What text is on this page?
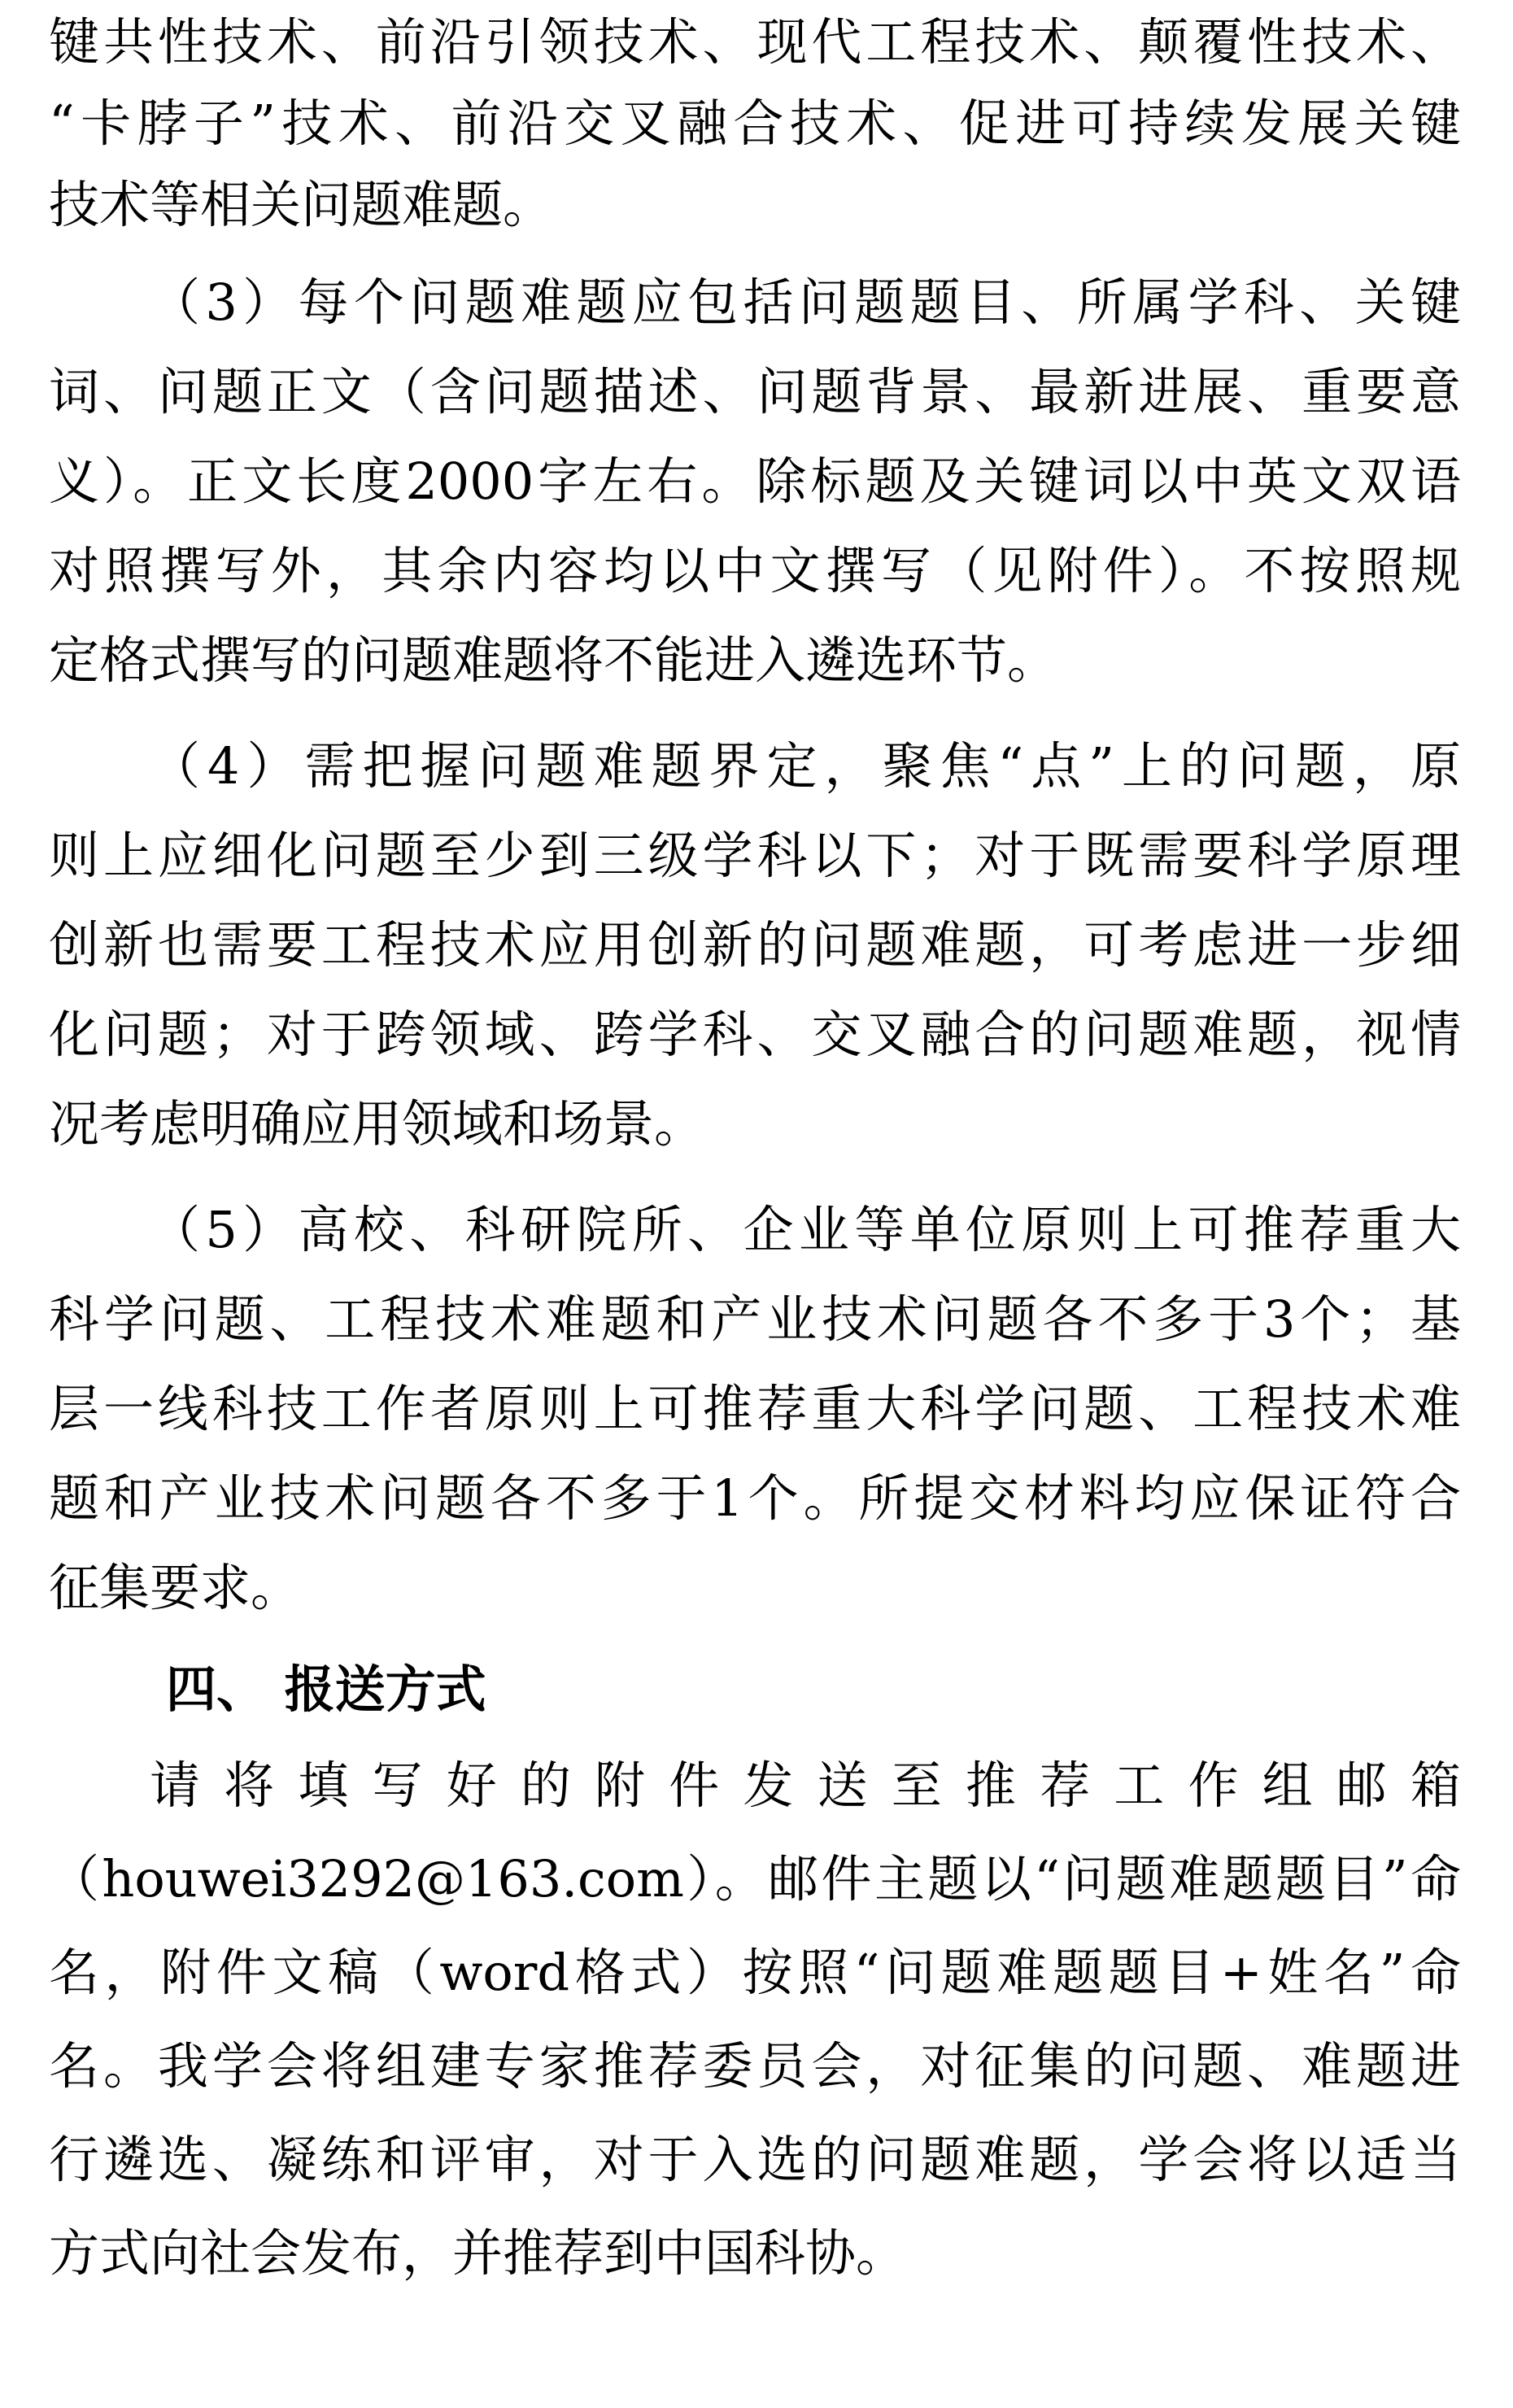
键共性技术、前沿引领技术、现代工程技术、颠覆性技术、
“卡脖子”技术、前沿交叉融合技术、促进可持续发展关键
技术等相关问题难题。
（3）每个问题难题应包括问题题目、所属学科、关键
词、问题正文（含问题描述、问题背景、最新进展、重要意
义）。正文长度2000字左右。除标题及关键词以中英文双语
对照撰写外，其余内容均以中文撰写（见附件）。不按照规
定格式撰写的问题难题将不能进入遴选环节。
（4）需把握问题难题界定，聚焦“点”上的问题，原
则上应细化问题至少到三级学科以下；对于既需要科学原理
创新也需要工程技术应用创新的问题难题，可考虑进一步细
化问题；对于跨领域、跨学科、交叉融合的问题难题，视情
况考虑明确应用领域和场景。
（5）高校、科研院所、企业等单位原则上可推荐重大
科学问题、工程技术难题和产业技术问题各不多于3个；基
层一线科技工作者原则上可推荐重大科学问题、工程技术难
题和产业技术问题各不多于1个。所提交材料均应保证符合
征集要求。
四、 报送方式
请将填写好的附件发送至推荐工作组邮箱
（houwei3292@163.com）。邮件主题以“问题难题题目”命
名，附件文稿（word格式）按照“问题难题题目+姓名”命
名。我学会将组建专家推荐委员会，对征集的问题、难题进
行遴选、凝练和评审，对于入选的问题难题，学会将以适当
方式向社会发布，并推荐到中国科协。
